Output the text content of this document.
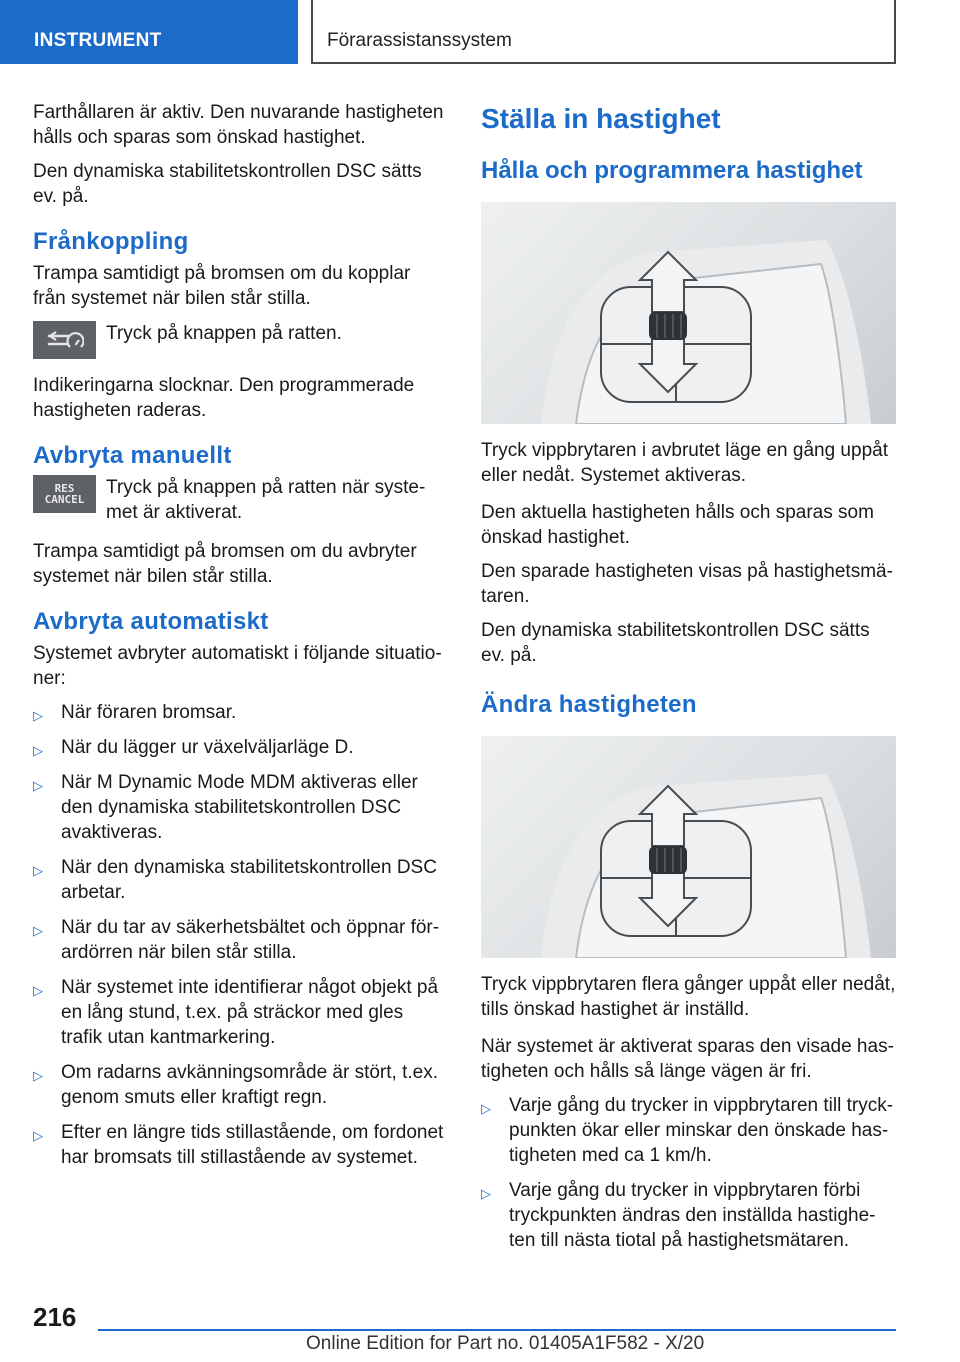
INSTRUMENT	Förarassistanssystem

Farthållaren är aktiv. Den nuvarande hastigheten hålls och sparas som önskad hastighet.

Den dynamiska stabilitetskontrollen DSC sätts ev. på.

Frånkoppling

Trampa samtidigt på bromsen om du kopplar från systemet när bilen står stilla.

Tryck på knappen på ratten.

Indikeringarna slocknar. Den programmerade hastigheten raderas.

Avbryta manuellt
RES
CANCEL
Tryck på knappen på ratten när syste‐met är aktiverat.

Trampa samtidigt på bromsen om du avbryter systemet när bilen står stilla.

Avbryta automatiskt

Systemet avbryter automatiskt i följande situatio‐ner:

▷ När föraren bromsar.
▷ När du lägger ur växelväljarläge D.
▷ När M Dynamic Mode MDM aktiveras eller den dynamiska stabilitetskontrollen DSC avaktiveras.
▷ När den dynamiska stabilitetskontrollen DSC arbetar.
▷ När du tar av säkerhetsbältet och öppnar för‐ardörren när bilen står stilla.
▷ När systemet inte identifierar något objekt på en lång stund, t.ex. på sträckor med gles trafik utan kantmarkering.
▷ Om radarns avkänningsområde är stört, t.ex. genom smuts eller kraftigt regn.
▷ Efter en längre tids stillastående, om fordonet har bromsats till stillastående av systemet.
Ställa in hastighet
Hålla och programmera hastighet

Tryck vippbrytaren i avbrutet läge en gång uppåt eller nedåt. Systemet aktiveras.

Den aktuella hastigheten hålls och sparas som önskad hastighet.

Den sparade hastigheten visas på hastighetsmä‐taren.

Den dynamiska stabilitetskontrollen DSC sätts ev. på.

Ändra hastigheten

Tryck vippbrytaren flera gånger uppåt eller nedåt, tills önskad hastighet är inställd.

När systemet är aktiverat sparas den visade has‐tigheten och hålls så länge vägen är fri.

▷ Varje gång du trycker in vippbrytaren till tryck‐punkten ökar eller minskar den önskade has‐tigheten med ca 1 km/h.
▷ Varje gång du trycker in vippbrytaren förbi tryckpunkten ändras den inställda hastighe‐ten till nästa tiotal på hastighetsmätaren.
216
Online Edition for Part no. 01405A1F582 - X/20
